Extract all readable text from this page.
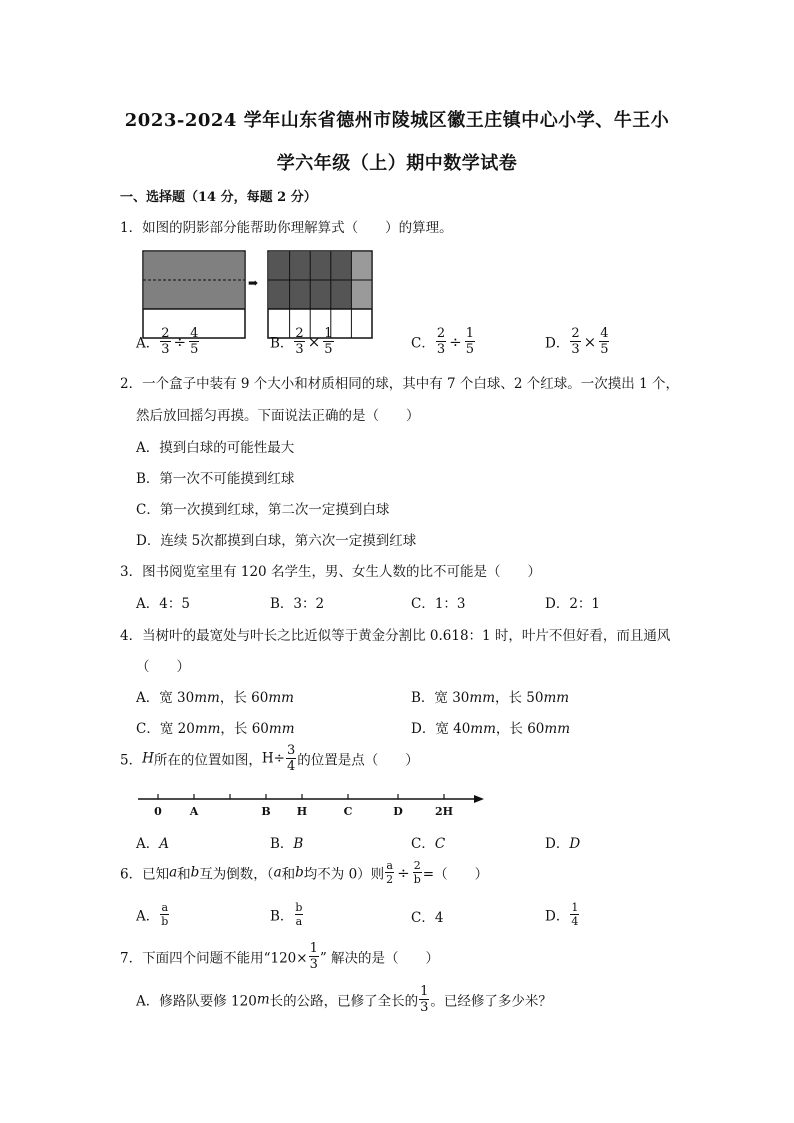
2023-2024 学年山东省德州市陵城区徽王庄镇中心小学、牛王小
学六年级（上）期中数学试卷
一、选择题（14 分，每题 2 分）
1．如图的阴影部分能帮助你理解算式（　　）的算理。
➡
A． $\frac{2}{3} \div \frac{4}{5}$	B． $\frac{2}{3} \times \frac{1}{5}$	C． $\frac{2}{3} \div \frac{1}{5}$	D． $\frac{2}{3} \times \frac{4}{5}$
2．一个盒子中装有 9 个大小和材质相同的球，其中有 7 个白球、2 个红球。一次摸出 1 个，
然后放回摇匀再摸。下面说法正确的是（　　）
A．摸到白球的可能性最大
B．第一次不可能摸到红球
C．第一次摸到红球，第二次一定摸到白球
D．连续 5次都摸到白球，第六次一定摸到红球
3．图书阅览室里有 120 名学生，男、女生人数的比不可能是（　　）
A．4：5	B．3：2	C．1：3	D．2：1
4．当树叶的最宽处与叶长之比近似等于黄金分割比 0.618：1 时，叶片不但好看，而且通风
（　　）
A．宽 30mm，长 60mm	B．宽 30mm，长 50mm
C．宽 20mm，长 60mm	D．宽 40mm，长 60mm
5．H所在的位置如图，$H\div \frac{3}{4}$ 的位置是点（　　）
0	A	B H	C	D	2H
A．A	B．B	C．C	D．D
6．已知a和b互为倒数，（a和b均不为 0）则 $\frac{a}{2} \div \frac{2}{b}$ =（　　）
A． $\frac{a}{b}$	B． $\frac{b}{a}$	C．4	D． $\frac{1}{4}$
7．下面四个问题不能用“$120\times \frac{1}{3}$ ” 解决的是（　　）
A．修路队要修 120m长的公路，已修了全长的 $\frac{1}{3}$ 。已经修了多少米？
